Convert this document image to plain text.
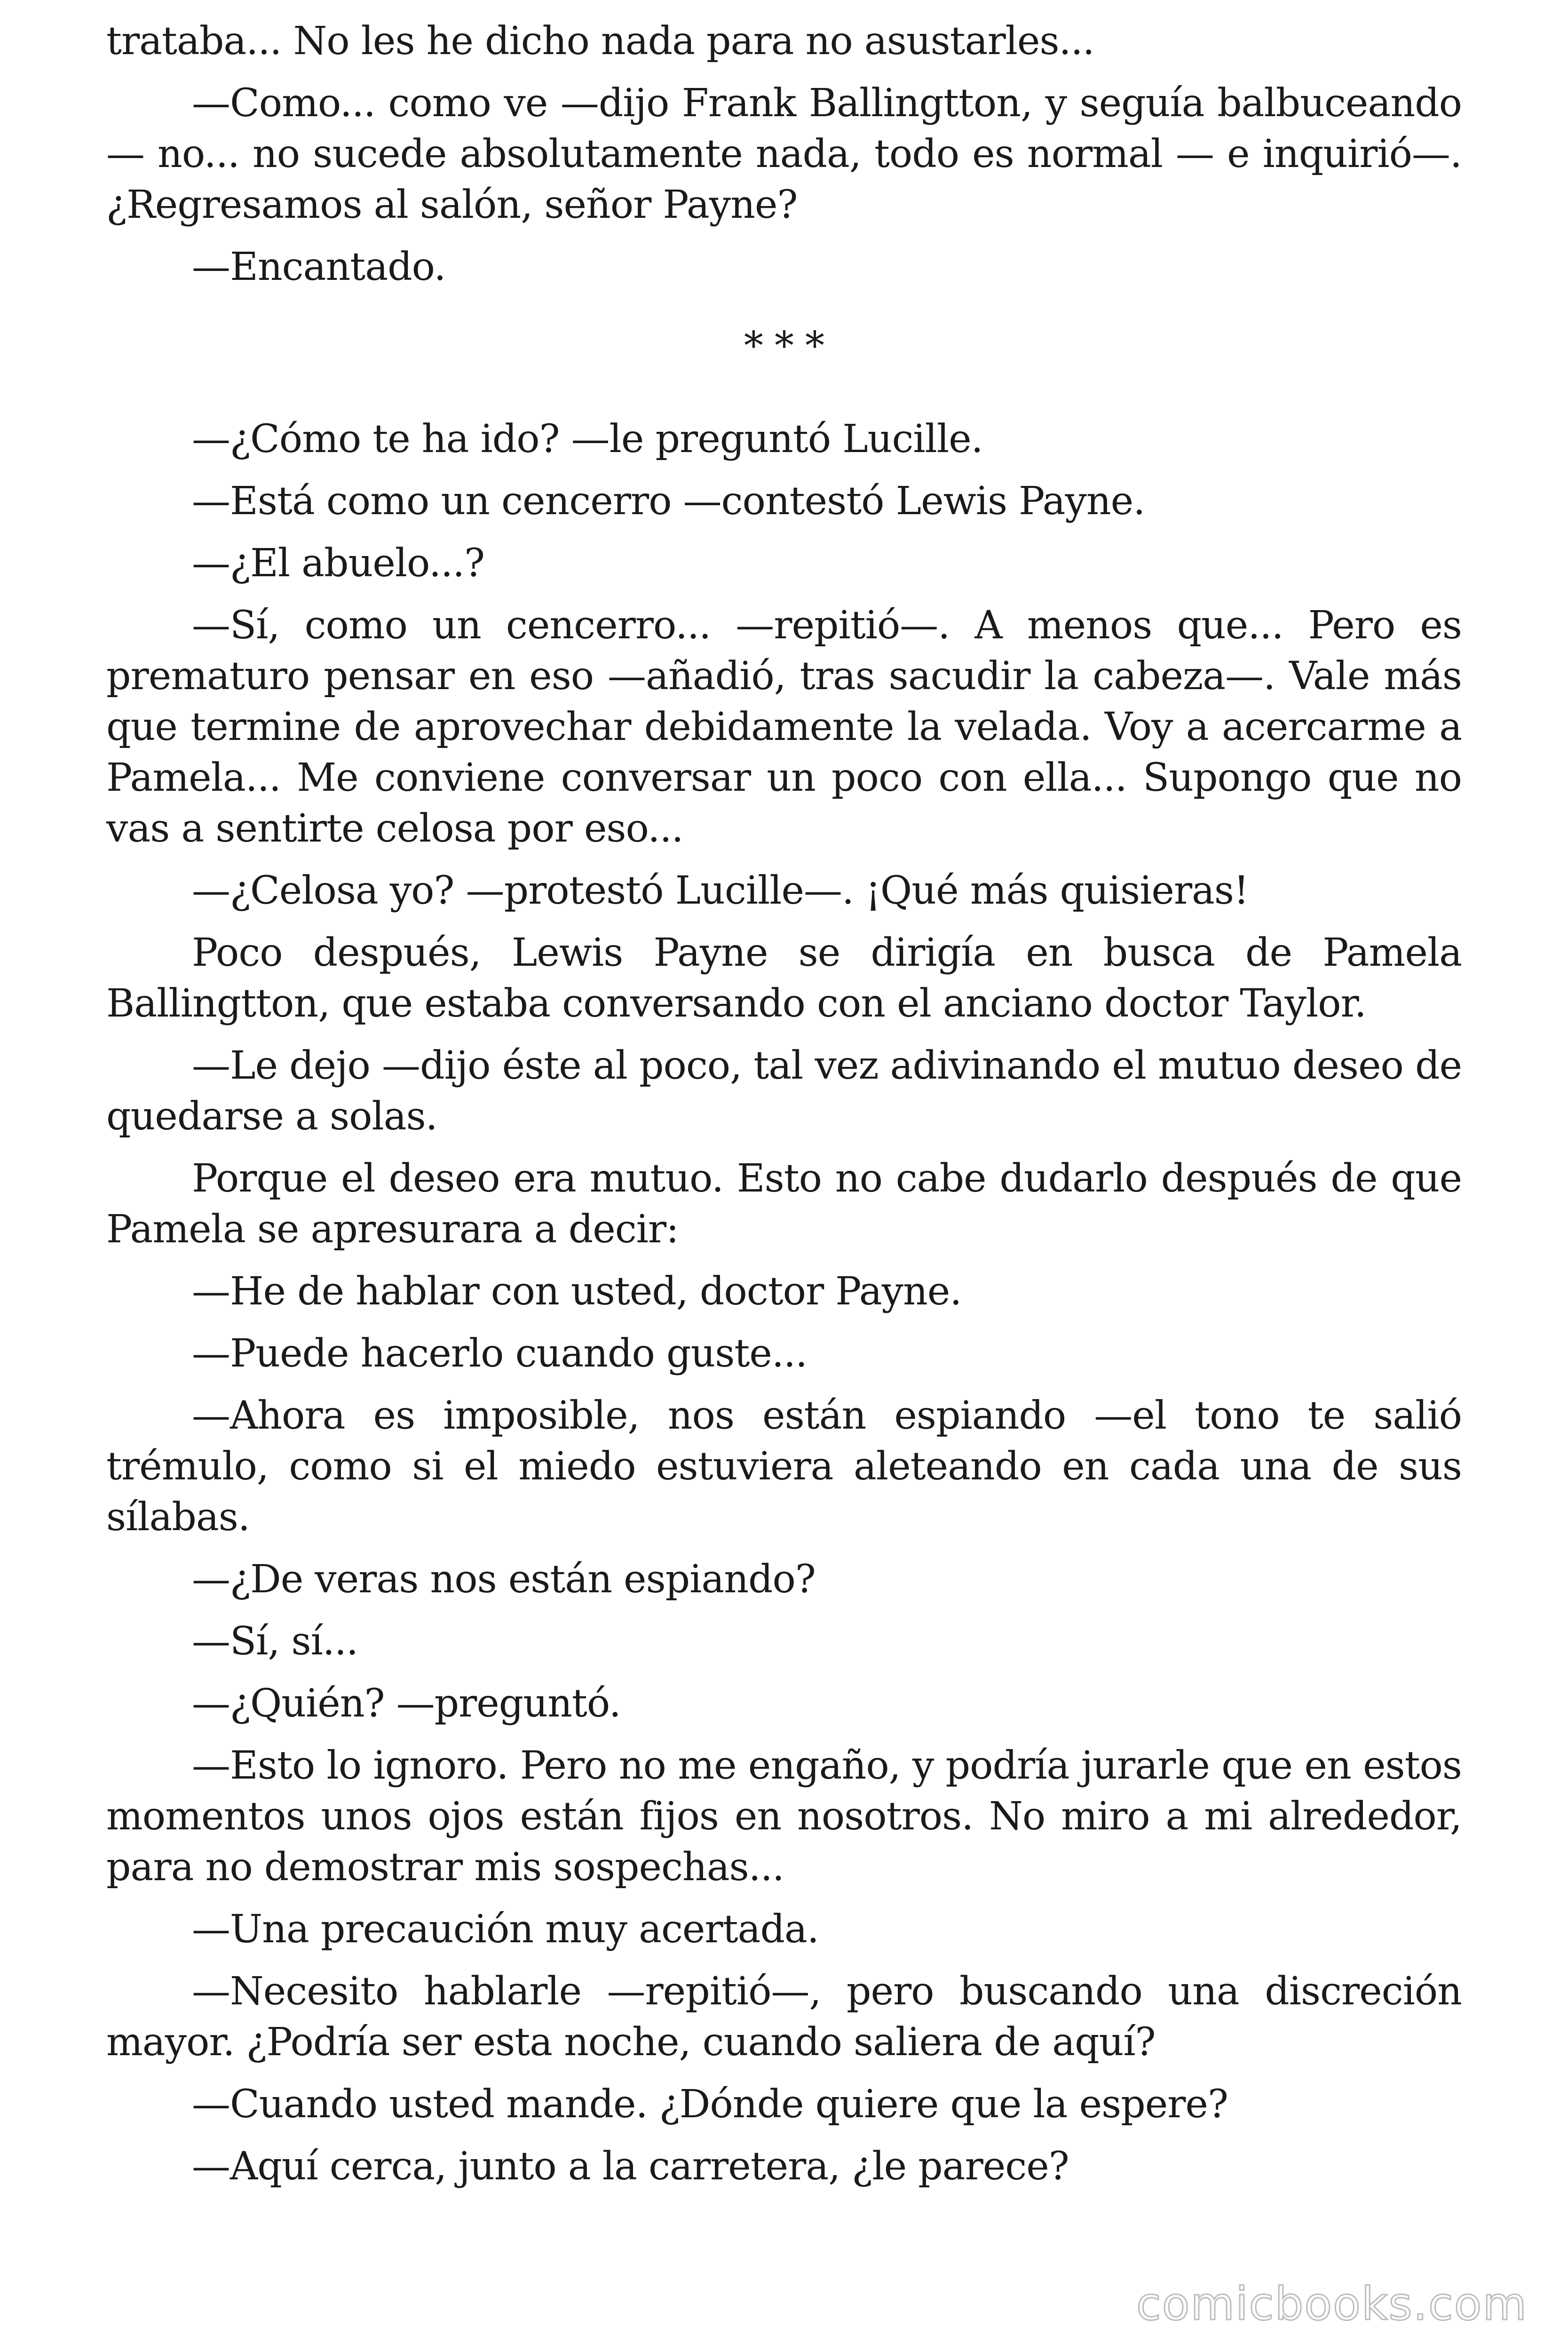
trataba... No les he dicho nada para no asustarles...

—Como... como ve —dijo Frank Ballingtton, y seguía balbuceando— no... no sucede absolutamente nada, todo es normal — e inquirió—. ¿Regresamos al salón, señor Payne?

—Encantado.

* * *

—¿Cómo te ha ido? —le preguntó Lucille.

—Está como un cencerro —contestó Lewis Payne.

—¿El abuelo...?

—Sí, como un cencerro... —repitió—. A menos que... Pero es prematuro pensar en eso —añadió, tras sacudir la cabeza—. Vale más que termine de aprovechar debidamente la velada. Voy a acercarme a Pamela... Me conviene conversar un poco con ella... Supongo que no vas a sentirte celosa por eso...

—¿Celosa yo? —protestó Lucille—. ¡Qué más quisieras!

Poco después, Lewis Payne se dirigía en busca de Pamela Ballingtton, que estaba conversando con el anciano doctor Taylor.

—Le dejo —dijo éste al poco, tal vez adivinando el mutuo deseo de quedarse a solas.

Porque el deseo era mutuo. Esto no cabe dudarlo después de que Pamela se apresurara a decir:

—He de hablar con usted, doctor Payne.

—Puede hacerlo cuando guste...

—Ahora es imposible, nos están espiando —el tono te salió trémulo, como si el miedo estuviera aleteando en cada una de sus sílabas.

—¿De veras nos están espiando?

—Sí, sí...

—¿Quién? —preguntó.

—Esto lo ignoro. Pero no me engaño, y podría jurarle que en estos momentos unos ojos están fijos en nosotros. No miro a mi alrededor, para no demostrar mis sospechas...

—Una precaución muy acertada.

—Necesito hablarle —repitió—, pero buscando una discreción mayor. ¿Podría ser esta noche, cuando saliera de aquí?

—Cuando usted mande. ¿Dónde quiere que la espere?

—Aquí cerca, junto a la carretera, ¿le parece?

comicbooks.com
